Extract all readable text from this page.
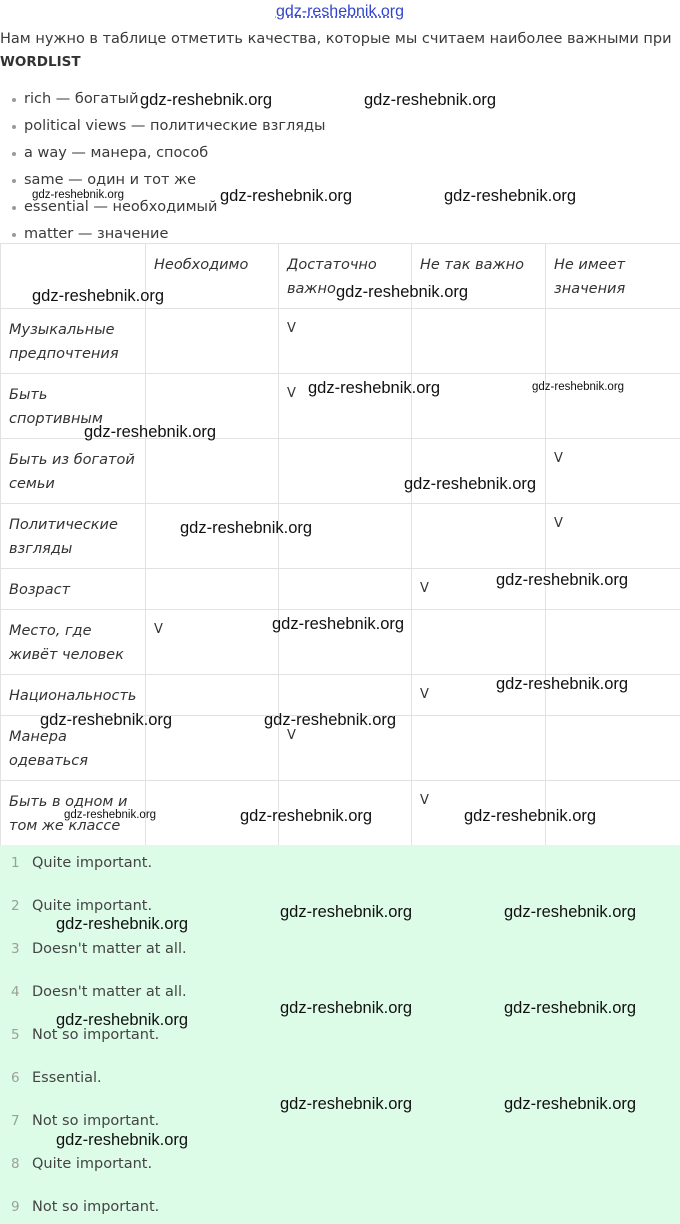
gdz-reshebnik.org
Нам нужно в таблице отметить качества, которые мы считаем наиболее важными при
WORDLIST
rich — богатый
political views — политические взгляды
a way — манера, способ
same — один и тот же
essential — необходимый
matter — значение
	Необходимо	Достаточно важно	Не так важно	Не имеет значения
Музыкальные предпочтения		V		
Быть спортивным		V		
Быть из богатой семьи				V
Политические взгляды				V
Возраст			V	
Место, где живёт человек	V			
Национальность			V	
Манера одеваться		V		
Быть в одном и том же классе			V	
1 Quite important.
2 Quite important.
3 Doesn't matter at all.
4 Doesn't matter at all.
5 Not so important.
6 Essential.
7 Not so important.
8 Quite important.
9 Not so important.
gdz-reshebnik.org	gdz-reshebnik.org
gdz-reshebnik.org	gdz-reshebnik.org	gdz-reshebnik.org
gdz-reshebnik.org	gdz-reshebnik.org
gdz-reshebnik.org	gdz-reshebnik.org
gdz-reshebnik.org
gdz-reshebnik.org
gdz-reshebnik.org
gdz-reshebnik.org
gdz-reshebnik.org
gdz-reshebnik.org
gdz-reshebnik.org	gdz-reshebnik.org
gdz-reshebnik.org	gdz-reshebnik.org	gdz-reshebnik.org
gdz-reshebnik.org
gdz-reshebnik.org	gdz-reshebnik.org
gdz-reshebnik.org
gdz-reshebnik.org	gdz-reshebnik.org
gdz-reshebnik.org	gdz-reshebnik.org
gdz-reshebnik.org
